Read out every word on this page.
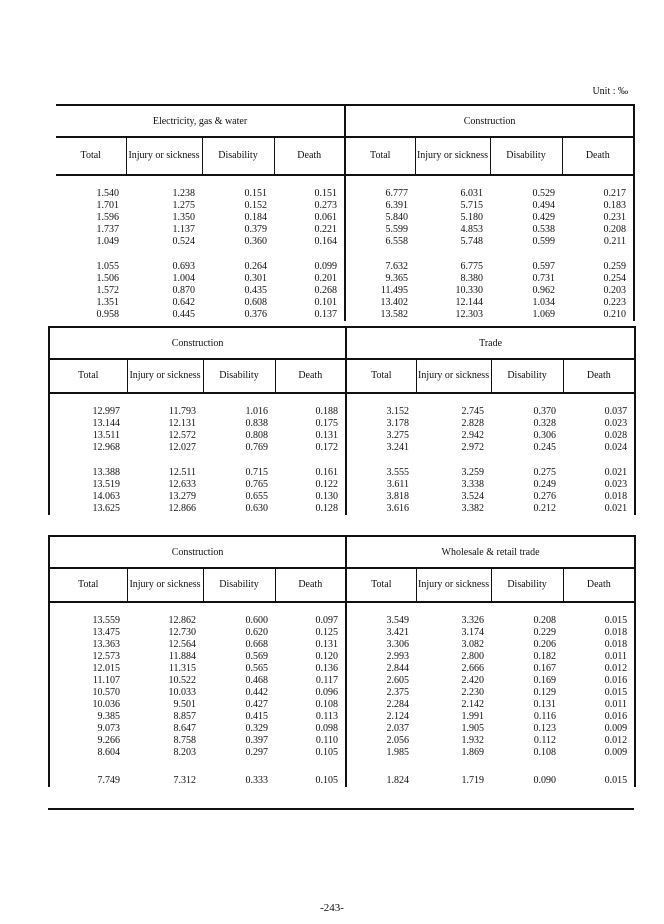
Unit : ‰
Electricity, gas & water				Construction			
Total	Injury or sickness	Disability	Death	Total	Injury or sickness	Disability	Death

1.540	1.238	0.151	0.151	6.777	6.031	0.529	0.217
1.701	1.275	0.152	0.273	6.391	5.715	0.494	0.183
1.596	1.350	0.184	0.061	5.840	5.180	0.429	0.231
1.737	1.137	0.379	0.221	5.599	4.853	0.538	0.208
1.049	0.524	0.360	0.164	6.558	5.748	0.599	0.211

1.055	0.693	0.264	0.099	7.632	6.775	0.597	0.259
1.506	1.004	0.301	0.201	9.365	8.380	0.731	0.254
1.572	0.870	0.435	0.268	11.495	10.330	0.962	0.203
1.351	0.642	0.608	0.101	13.402	12.144	1.034	0.223
0.958	0.445	0.376	0.137	13.582	12.303	1.069	0.210
Construction				Trade			
Total	Injury or sickness	Disability	Death	Total	Injury or sickness	Disability	Death

12.997	11.793	1.016	0.188	3.152	2.745	0.370	0.037
13.144	12.131	0.838	0.175	3.178	2.828	0.328	0.023
13.511	12.572	0.808	0.131	3.275	2.942	0.306	0.028
12.968	12.027	0.769	0.172	3.241	2.972	0.245	0.024

13.388	12.511	0.715	0.161	3.555	3.259	0.275	0.021
13.519	12.633	0.765	0.122	3.611	3.338	0.249	0.023
14.063	13.279	0.655	0.130	3.818	3.524	0.276	0.018
13.625	12.866	0.630	0.128	3.616	3.382	0.212	0.021
Construction				Wholesale & retail trade			
Total	Injury or sickness	Disability	Death	Total	Injury or sickness	Disability	Death

13.559	12.862	0.600	0.097	3.549	3.326	0.208	0.015
13.475	12.730	0.620	0.125	3.421	3.174	0.229	0.018
13.363	12.564	0.668	0.131	3.306	3.082	0.206	0.018
12.573	11.884	0.569	0.120	2.993	2.800	0.182	0.011
12.015	11.315	0.565	0.136	2.844	2.666	0.167	0.012
11.107	10.522	0.468	0.117	2.605	2.420	0.169	0.016
10.570	10.033	0.442	0.096	2.375	2.230	0.129	0.015
10.036	9.501	0.427	0.108	2.284	2.142	0.131	0.011
9.385	8.857	0.415	0.113	2.124	1.991	0.116	0.016
9.073	8.647	0.329	0.098	2.037	1.905	0.123	0.009
9.266	8.758	0.397	0.110	2.056	1.932	0.112	0.012
8.604	8.203	0.297	0.105	1.985	1.869	0.108	0.009

7.749	7.312	0.333	0.105	1.824	1.719	0.090	0.015
-243-
